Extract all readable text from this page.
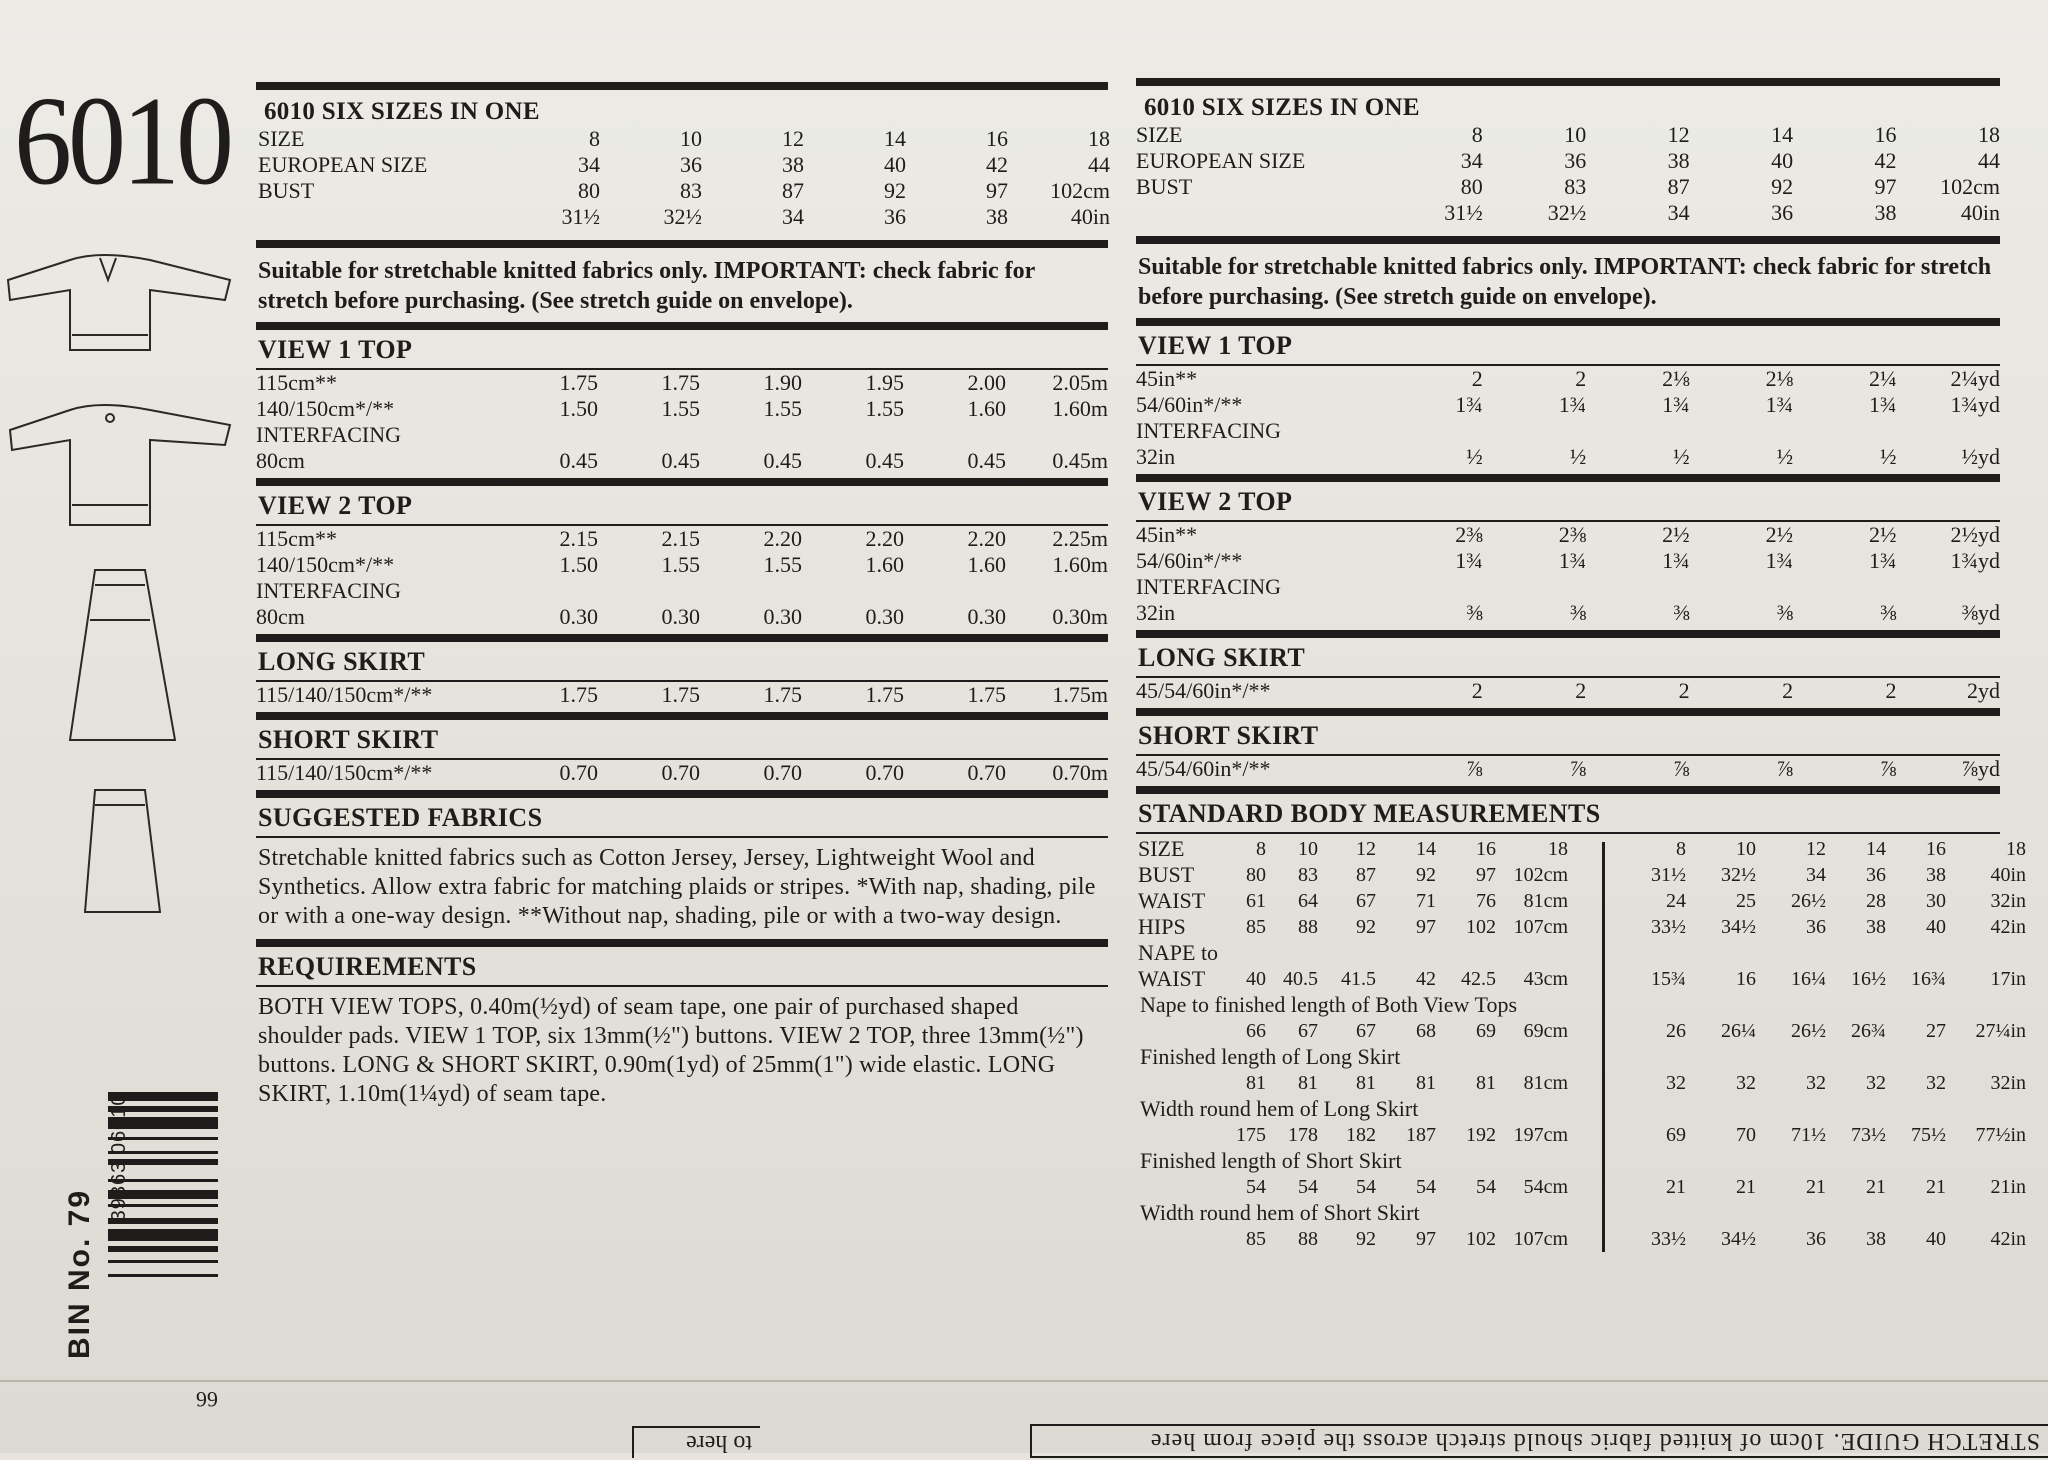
6010 6010 SIX SIZES IN ONE
SIZE	8	10	12	14	16	18
EUROPEAN SIZE	34	36	38	40	42	44
BUST	80	83	87	92	97	102cm
	31½	32½	34	36	38	40in
Suitable for stretchable knitted fabrics only. IMPORTANT: check fabric for stretch before purchasing. (See stretch guide on envelope).
VIEW 1 TOP
115cm**	1.75	1.75	1.90	1.95	2.00	2.05m
140/150cm*/**	1.50	1.55	1.55	1.55	1.60	1.60m
INTERFACING						
80cm	0.45	0.45	0.45	0.45	0.45	0.45m
VIEW 2 TOP
115cm**	2.15	2.15	2.20	2.20	2.20	2.25m
140/150cm*/**	1.50	1.55	1.55	1.60	1.60	1.60m
INTERFACING						
80cm	0.30	0.30	0.30	0.30	0.30	0.30m
LONG SKIRT
115/140/150cm*/**	1.75	1.75	1.75	1.75	1.75	1.75m
SHORT SKIRT
115/140/150cm*/**	0.70	0.70	0.70	0.70	0.70	0.70m
SUGGESTED FABRICS
Stretchable knitted fabrics such as Cotton Jersey, Jersey, Lightweight Wool and Synthetics. Allow extra fabric for matching plaids or stripes. *With nap, shading, pile or with a one-way design. **Without nap, shading, pile or with a two-way design.
REQUIREMENTS
BOTH VIEW TOPS, 0.40m(½yd) of seam tape, one pair of purchased shaped shoulder pads. VIEW 1 TOP, six 13mm(½") buttons. VIEW 2 TOP, three 13mm(½") buttons. LONG & SHORT SKIRT, 0.90m(1yd) of 25mm(1") wide elastic. LONG SKIRT, 1.10m(1¼yd) of seam tape.
6010 SIX SIZES IN ONE
SIZE	8	10	12	14	16	18
EUROPEAN SIZE	34	36	38	40	42	44
BUST	80	83	87	92	97	102cm
	31½	32½	34	36	38	40in
Suitable for stretchable knitted fabrics only. IMPORTANT: check fabric for stretch before purchasing. (See stretch guide on envelope).
VIEW 1 TOP
45in**	2	2	2⅛	2⅛	2¼	2¼yd
54/60in*/**	1¾	1¾	1¾	1¾	1¾	1¾yd
INTERFACING						
32in	½	½	½	½	½	½yd
VIEW 2 TOP
45in**	2⅜	2⅜	2½	2½	2½	2½yd
54/60in*/**	1¾	1¾	1¾	1¾	1¾	1¾yd
INTERFACING						
32in	⅜	⅜	⅜	⅜	⅜	⅜yd
LONG SKIRT
45/54/60in*/**	2	2	2	2	2	2yd
SHORT SKIRT
45/54/60in*/**	⅞	⅞	⅞	⅞	⅞	⅞yd
STANDARD BODY MEASUREMENTS
SIZE	8	10	12	14	16	18	8	10	12	14	16	18
BUST	80	83	87	92	97 102cm	31½	32½	34	36	38	40in
WAIST	61	64	67	71	76	81cm	24	25	26½	28	30	32in
HIPS	85	88	92	97	102 107cm	33½	34½	36	38	40	42in
NAPE to
WAIST	40 40.5	41.5	42	42.5	43cm	15¾	16	16¼	16½	16¾	17in
Nape to finished length of Both View Tops
66	67	67	68	69	69cm	26	26¼	26½	26¾	27	27¼in
Finished length of Long Skirt
81	81	81	81	81	81cm	32	32	32	32	32	32in
Width round hem of Long Skirt
175	178	182	187	192 197cm	69	70	71½	73½	75½	77½in
Finished length of Short Skirt
54	54	54	54	54	54cm	21	21	21	21	21	21in
Width round hem of Short Skirt
85	88	92	97	102 107cm	33½	34½	36	38	40	42in
BIN No. 79
0 39363 06010
STRETCH GUIDE. 10cm of knitted fabric should stretch across the piece from here
to here
66
